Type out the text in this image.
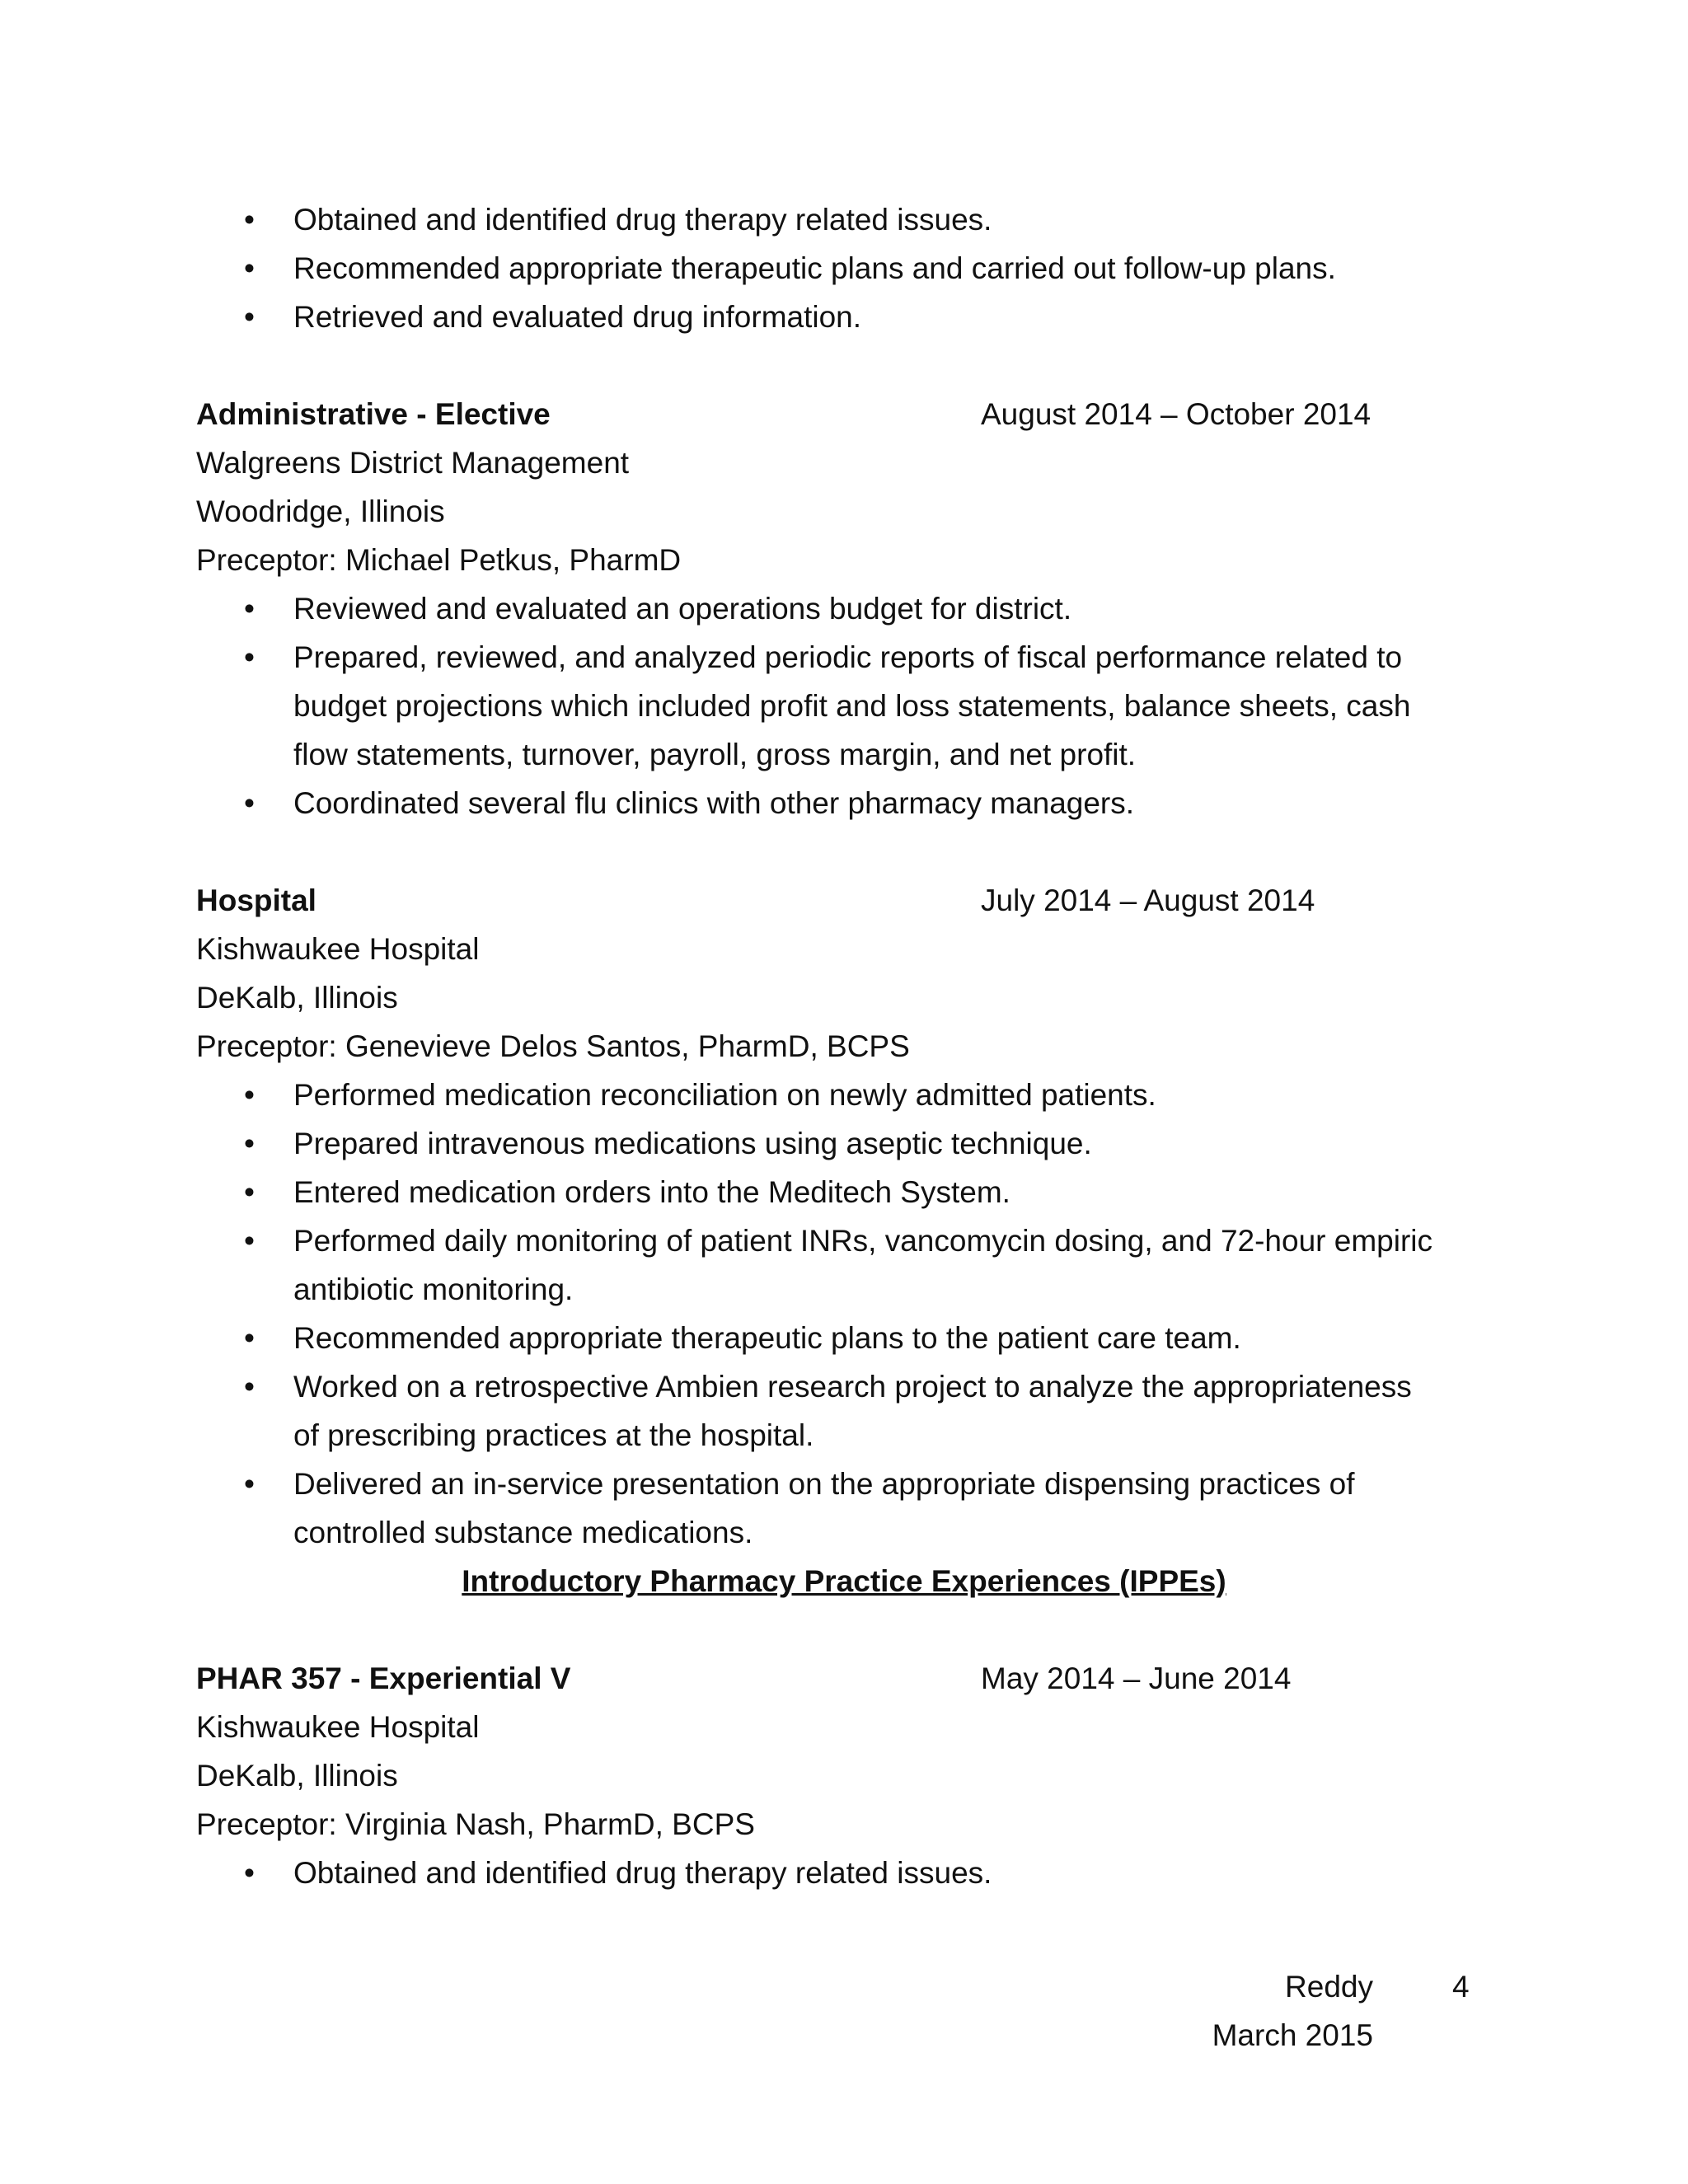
• Obtained and identified drug therapy related issues.
• Recommended appropriate therapeutic plans and carried out follow-up plans.
• Retrieved and evaluated drug information.
Administrative - Elective	August 2014 – October 2014
Walgreens District Management
Woodridge, Illinois
Preceptor: Michael Petkus, PharmD
• Reviewed and evaluated an operations budget for district.
• Prepared, reviewed, and analyzed periodic reports of fiscal performance related to
budget projections which included profit and loss statements, balance sheets, cash
flow statements, turnover, payroll, gross margin, and net profit.
• Coordinated several flu clinics with other pharmacy managers.
Hospital	July 2014 – August 2014
Kishwaukee Hospital
DeKalb, Illinois
Preceptor: Genevieve Delos Santos, PharmD, BCPS
• Performed medication reconciliation on newly admitted patients.
• Prepared intravenous medications using aseptic technique.
• Entered medication orders into the Meditech System.
• Performed daily monitoring of patient INRs, vancomycin dosing, and 72-hour empiric
antibiotic monitoring.
• Recommended appropriate therapeutic plans to the patient care team.
• Worked on a retrospective Ambien research project to analyze the appropriateness
of prescribing practices at the hospital.
• Delivered an in-service presentation on the appropriate dispensing practices of
controlled substance medications.
Introductory Pharmacy Practice Experiences (IPPEs)
PHAR 357 - Experiential V	May 2014 – June 2014
Kishwaukee Hospital
DeKalb, Illinois
Preceptor: Virginia Nash, PharmD, BCPS
• Obtained and identified drug therapy related issues.
Reddy	4
March 2015
